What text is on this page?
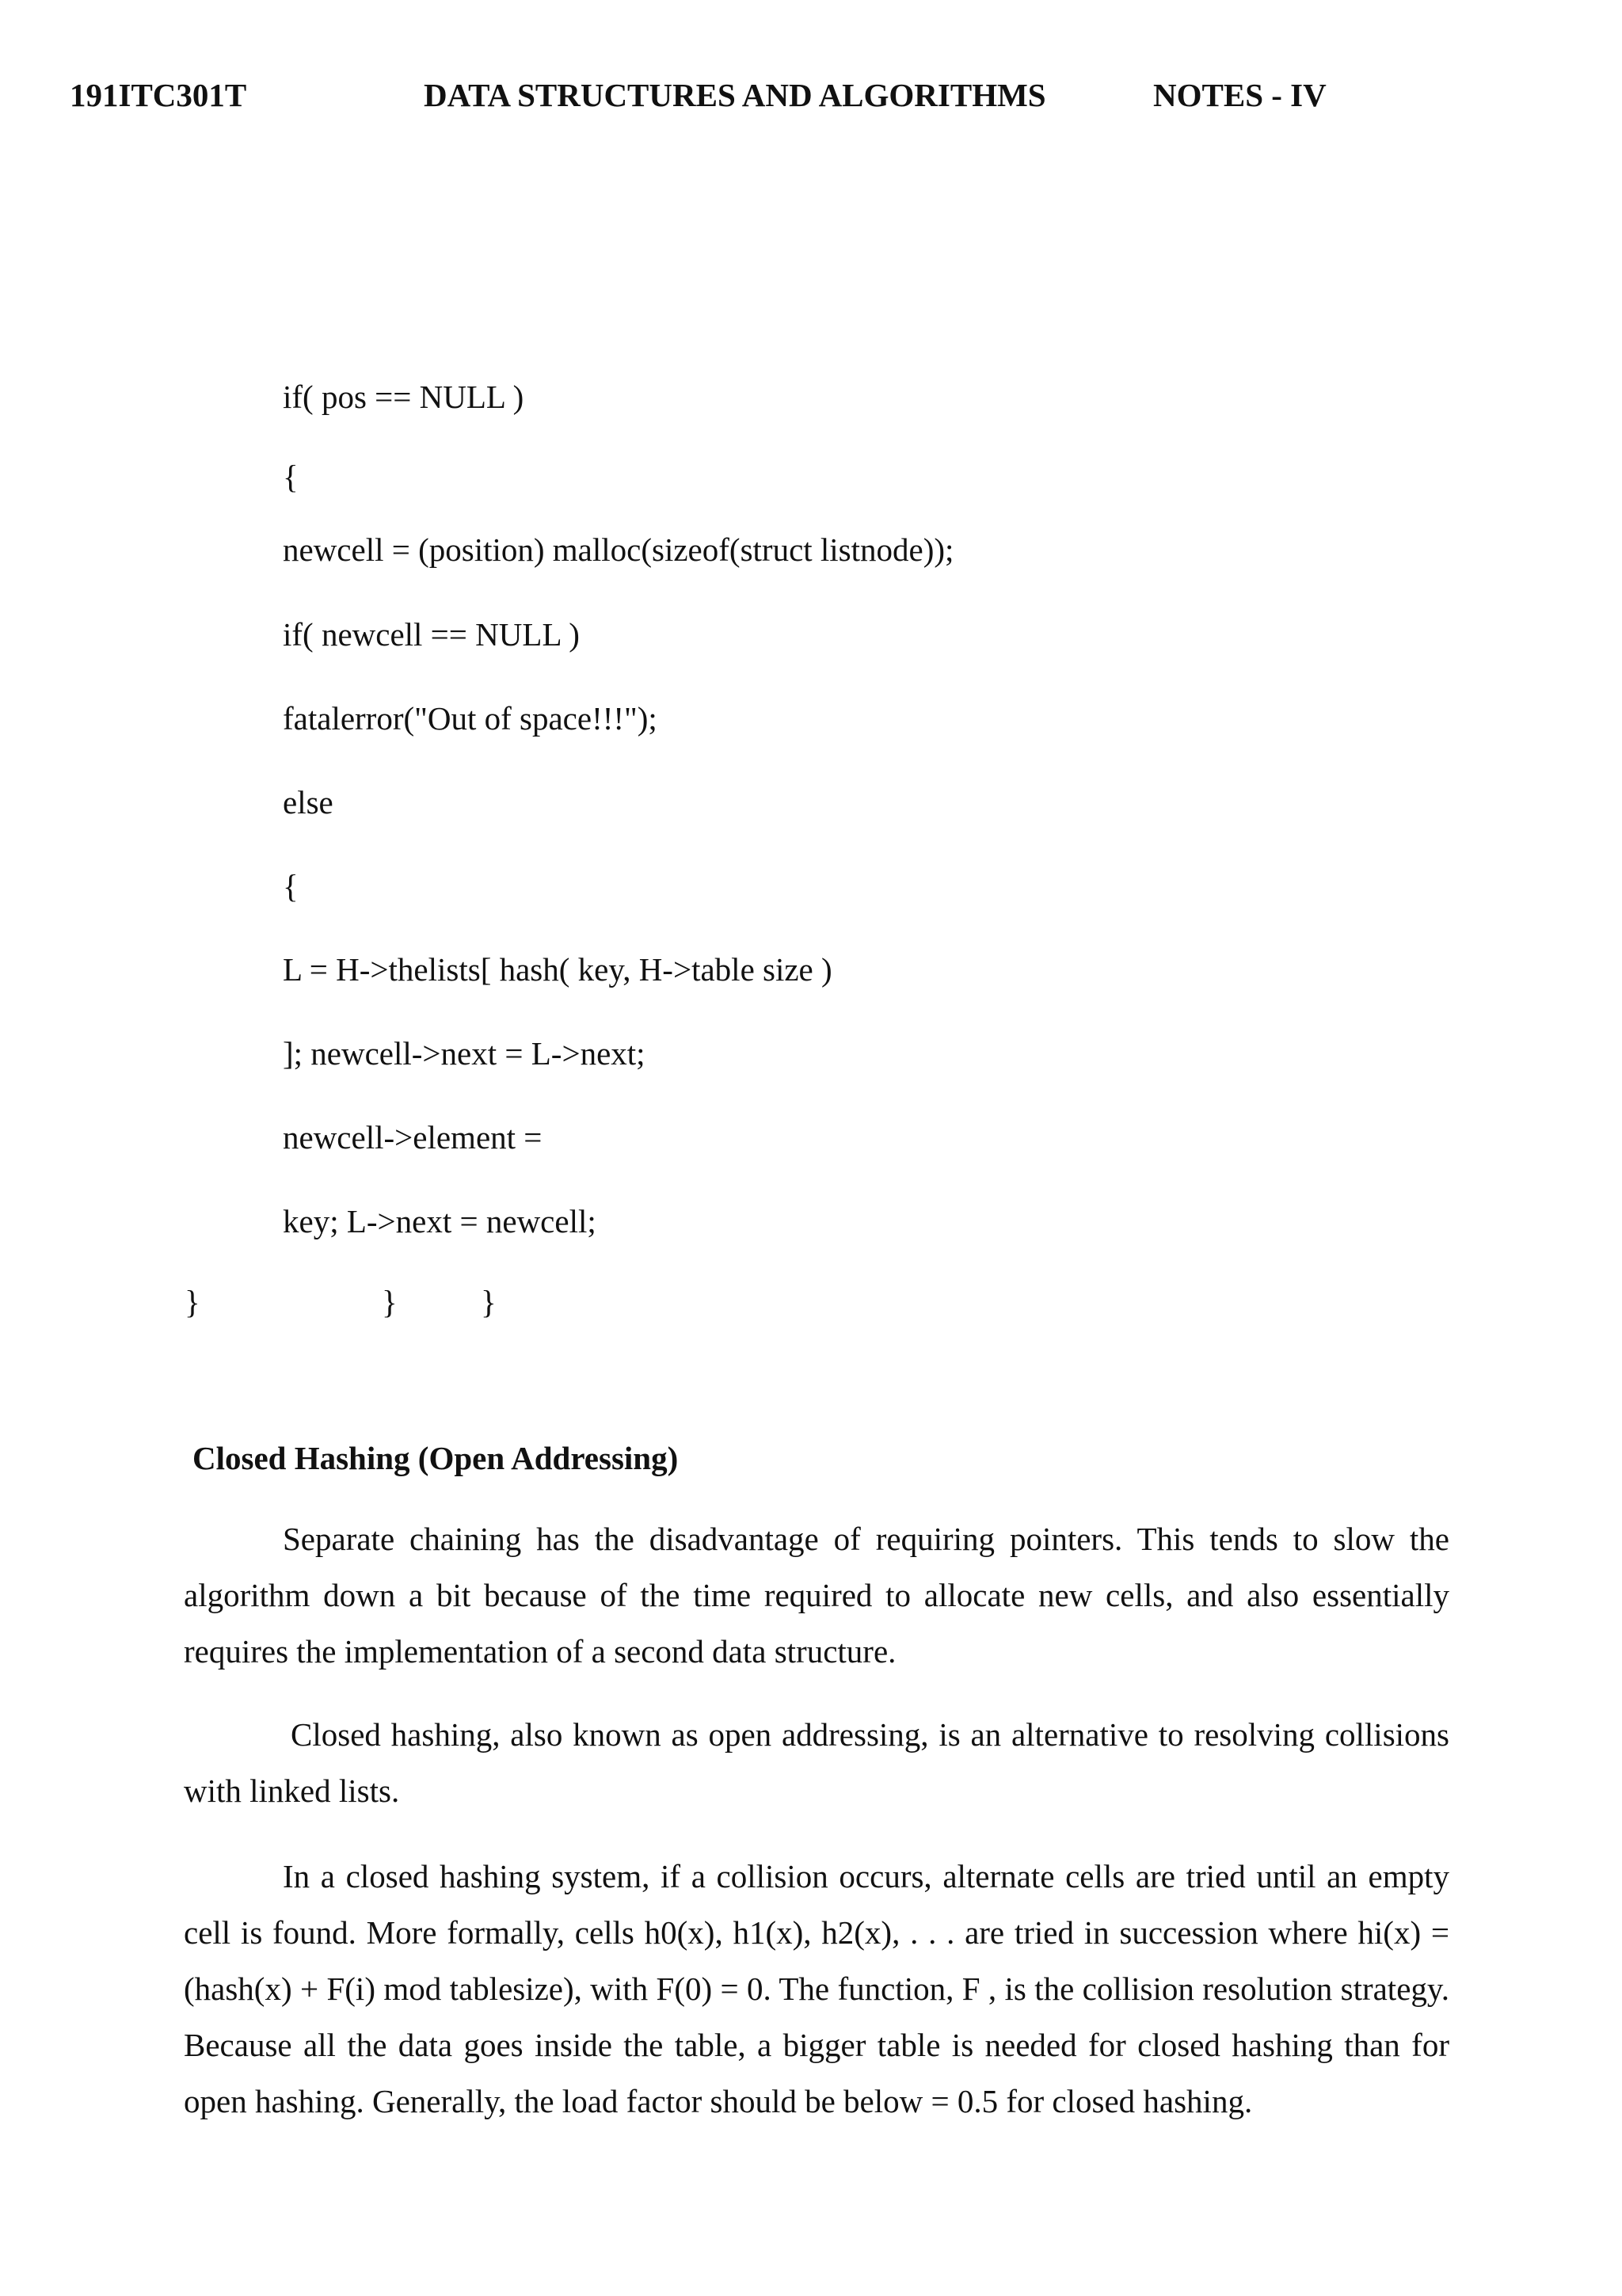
191ITC301T	DATA STRUCTURES AND ALGORITHMS	NOTES - IV
if( pos == NULL )
{
newcell = (position) malloc(sizeof(struct listnode));
if( newcell == NULL )
fatalerror("Out of space!!!");
else
{
L = H->thelists[ hash( key, H->table size )
]; newcell->next = L->next;
newcell->element =
key; L->next = newcell;
}	}	}
Closed Hashing (Open Addressing)

Separate chaining has the disadvantage of requiring pointers. This tends to slow the algorithm down a bit because of the time required to allocate new cells, and also essentially requires the implementation of a second data structure.

Closed hashing, also known as open addressing, is an alternative to resolving collisions with linked lists.

In a closed hashing system, if a collision occurs, alternate cells are tried until an empty cell is found. More formally, cells h0(x), h1(x), h2(x), . . . are tried in succession where hi(x) = (hash(x) + F(i) mod tablesize), with F(0) = 0. The function, F , is the collision resolution strategy. Because all the data goes inside the table, a bigger table is needed for closed hashing than for open hashing. Generally, the load factor should be below = 0.5 for closed hashing.
